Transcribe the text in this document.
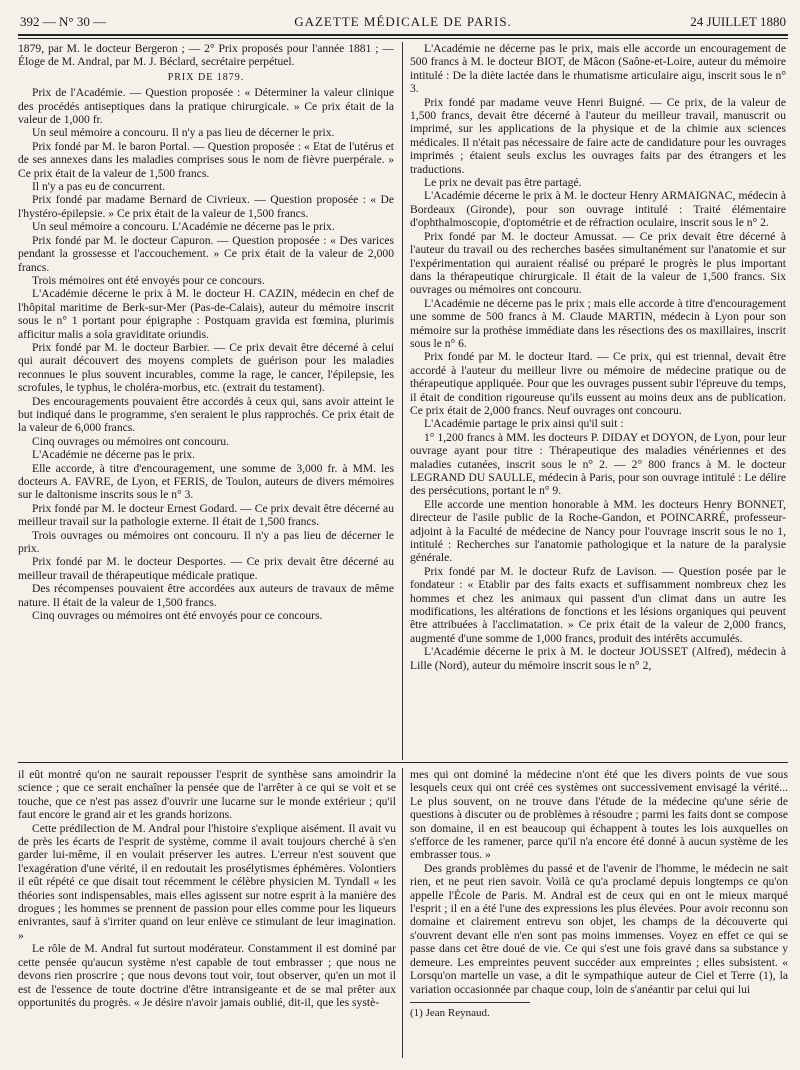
392 — N° 30 —	GAZETTE MÉDICALE DE PARIS.	24 JUILLET 1880

1879, par M. le docteur Bergeron ; — 2° Prix proposés pour l'année 1881 ; — Éloge de M. Andral, par M. J. Béclard, secrétaire perpétuel.

PRIX DE 1879.

Prix de l'Académie. — Question proposée : « Déterminer la valeur clinique des procédés antiseptiques dans la pratique chirurgicale. » Ce prix était de la valeur de 1,000 fr.

Un seul mémoire a concouru. Il n'y a pas lieu de décerner le prix.

Prix fondé par M. le baron Portal. — Question proposée : « Etat de l'utérus et de ses annexes dans les maladies comprises sous le nom de fièvre puerpérale. » Ce prix était de la valeur de 1,500 francs.

Il n'y a pas eu de concurrent.

Prix fondé par madame Bernard de Civrieux. — Question proposée : « De l'hystéro-épilepsie. » Ce prix était de la valeur de 1,500 francs.

Un seul mémoire a concouru. L'Académie ne décerne pas le prix.

Prix fondé par M. le docteur Capuron. — Question proposée : « Des varices pendant la grossesse et l'accouchement. » Ce prix était de la valeur de 2,000 francs.

Trois mémoires ont été envoyés pour ce concours.

L'Académie décerne le prix à M. le docteur H. CAZIN, médecin en chef de l'hôpital maritime de Berk-sur-Mer (Pas-de-Calais), auteur du mémoire inscrit sous le n° 1 portant pour épigraphe : Postquam gravida est fœmina, plurimis afficitur malis a sola graviditate oriundis.

Prix fondé par M. le docteur Barbier. — Ce prix devait être décerné à celui qui aurait découvert des moyens complets de guérison pour les maladies reconnues le plus souvent incurables, comme la rage, le cancer, l'épilepsie, les scrofules, le typhus, le choléra-morbus, etc. (extrait du testament).

Des encouragements pouvaient être accordés à ceux qui, sans avoir atteint le but indiqué dans le programme, s'en seraient le plus rapprochés. Ce prix était de la valeur de 6,000 francs.

Cinq ouvrages ou mémoires ont concouru.

L'Académie ne décerne pas le prix.

Elle accorde, à titre d'encouragement, une somme de 3,000 fr. à MM. les docteurs A. FAVRE, de Lyon, et FERIS, de Toulon, auteurs de divers mémoires sur le daltonisme inscrits sous le n° 3.

Prix fondé par M. le docteur Ernest Godard. — Ce prix devait être décerné au meilleur travail sur la pathologie externe. Il était de 1,500 francs.

Trois ouvrages ou mémoires ont concouru. Il n'y a pas lieu de décerner le prix.

Prix fondé par M. le docteur Desportes. — Ce prix devait être décerné au meilleur travail de thérapeutique médicale pratique.

Des récompenses pouvaient être accordées aux auteurs de travaux de même nature. Il était de la valeur de 1,500 francs.

Cinq ouvrages ou mémoires ont été envoyés pour ce concours.

L'Académie ne décerne pas le prix, mais elle accorde un encouragement de 500 francs à M. le docteur BIOT, de Mâcon (Saône-et-Loire, auteur du mémoire intitulé : De la diète lactée dans le rhumatisme articulaire aigu, inscrit sous le n° 3.

Prix fondé par madame veuve Henri Buigné. — Ce prix, de la valeur de 1,500 francs, devait être décerné à l'auteur du meilleur travail, manuscrit ou imprimé, sur les applications de la physique et de la chimie aux sciences médicales. Il n'était pas nécessaire de faire acte de candidature pour les ouvrages imprimés ; étaient seuls exclus les ouvrages faits par des étrangers et les traductions.

Le prix ne devait pas être partagé.

L'Académie décerne le prix à M. le docteur Henry ARMAIGNAC, médecin à Bordeaux (Gironde), pour son ouvrage intitulé : Traité élémentaire d'ophthalmoscopie, d'optométrie et de réfraction oculaire, inscrit sous le n° 2.

Prix fondé par M. le docteur Amussat. — Ce prix devait être décerné à l'auteur du travail ou des recherches basées simultanément sur l'anatomie et sur l'expérimentation qui auraient réalisé ou préparé le progrès le plus important dans la thérapeutique chirurgicale. Il était de la valeur de 1,500 francs. Six ouvrages ou mémoires ont concouru.

L'Académie ne décerne pas le prix ; mais elle accorde à titre d'encouragement une somme de 500 francs à M. Claude MARTIN, médecin à Lyon pour son mémoire sur la prothèse immédiate dans les résections des os maxillaires, inscrit sous le n° 6.

Prix fondé par M. le docteur Itard. — Ce prix, qui est triennal, devait être accordé à l'auteur du meilleur livre ou mémoire de médecine pratique ou de thérapeutique appliquée. Pour que les ouvrages pussent subir l'épreuve du temps, il était de condition rigoureuse qu'ils eussent au moins deux ans de publication. Ce prix était de 2,000 francs. Neuf ouvrages ont concouru.

L'Académie partage le prix ainsi qu'il suit :

1° 1,200 francs à MM. les docteurs P. DIDAY et DOYON, de Lyon, pour leur ouvrage ayant pour titre : Thérapeutique des maladies vénériennes et des maladies cutanées, inscrit sous le n° 2. — 2° 800 francs à M. le docteur LEGRAND DU SAULLE, médecin à Paris, pour son ouvrage intitulé : Le délire des persécutions, portant le n° 9.

Elle accorde une mention honorable à MM. les docteurs Henry BONNET, directeur de l'asile public de la Roche-Gandon, et POINCARRÉ, professeur-adjoint à la Faculté de médecine de Nancy pour l'ouvrage inscrit sous le no 1, intitulé : Recherches sur l'anatomie pathologique et la nature de la paralysie générale.

Prix fondé par M. le docteur Rufz de Lavison. — Question posée par le fondateur : « Etablir par des faits exacts et suffisamment nombreux chez les hommes et chez les animaux qui passent d'un climat dans un autre les modifications, les altérations de fonctions et les lésions organiques qui peuvent être attribuées à l'acclimatation. » Ce prix était de la valeur de 2,000 francs, augmenté d'une somme de 1,000 francs, produit des intérêts accumulés.

L'Académie décerne le prix à M. le docteur JOUSSET (Alfred), médecin à Lille (Nord), auteur du mémoire inscrit sous le n° 2,

il eût montré qu'on ne saurait repousser l'esprit de synthèse sans amoindrir la science ; que ce serait enchaîner la pensée que de l'arrêter à ce qui se voit et se touche, que ce n'est pas assez d'ouvrir une lucarne sur le monde extérieur ; qu'il faut encore le grand air et les grands horizons.

Cette prédilection de M. Andral pour l'histoire s'explique aisément. Il avait vu de près les écarts de l'esprit de système, comme il avait toujours cherché à s'en garder lui-même, il en voulait préserver les autres. L'erreur n'est souvent que l'exagération d'une vérité, il en redoutait les prosélytismes éphémères. Volontiers il eût répété ce que disait tout récemment le célèbre physicien M. Tyndall « les théories sont indispensables, mais elles agissent sur notre esprit à la manière des drogues ; les hommes se prennent de passion pour elles comme pour les liqueurs enivrantes, sauf à s'irriter quand on leur enlève ce stimulant de leur imagination. »

Le rôle de M. Andral fut surtout modérateur. Constamment il est dominé par cette pensée qu'aucun système n'est capable de tout embrasser ; que nous ne devons rien proscrire ; que nous devons tout voir, tout observer, qu'en un mot il est de l'essence de toute doctrine d'être intransigeante et de se mal prêter aux opportunités du progrès. « Je désire n'avoir jamais oublié, dit-il, que les systè-

mes qui ont dominé la médecine n'ont été que les divers points de vue sous lesquels ceux qui ont créé ces systèmes ont successivement envisagé la vérité... Le plus souvent, on ne trouve dans l'étude de la médecine qu'une série de questions à discuter ou de problèmes à résoudre ; parmi les faits dont se compose son domaine, il en est beaucoup qui échappent à toutes les lois auxquelles on s'efforce de les ramener, parce qu'il n'a encore été donné à aucun système de les embrasser tous. »

Des grands problèmes du passé et de l'avenir de l'homme, le médecin ne sait rien, et ne peut rien savoir. Voilà ce qu'a proclamé depuis longtemps ce qu'on appelle l'École de Paris. M. Andral est de ceux qui en ont le mieux marqué l'esprit ; il en a été l'une des expressions les plus élevées. Pour avoir reconnu son domaine et clairement entrevu son objet, les champs de la découverte qui s'ouvrent devant elle n'en sont pas moins immenses. Voyez en effet ce qui se passe dans cet être doué de vie. Ce qui s'est une fois gravé dans sa substance y demeure. Les empreintes peuvent succéder aux empreintes ; elles subsistent. « Lorsqu'on martelle un vase, a dit le sympathique auteur de Ciel et Terre (1), la variation occasionnée par chaque coup, loin de s'anéantir par celui qui lui

(1) Jean Reynaud.
